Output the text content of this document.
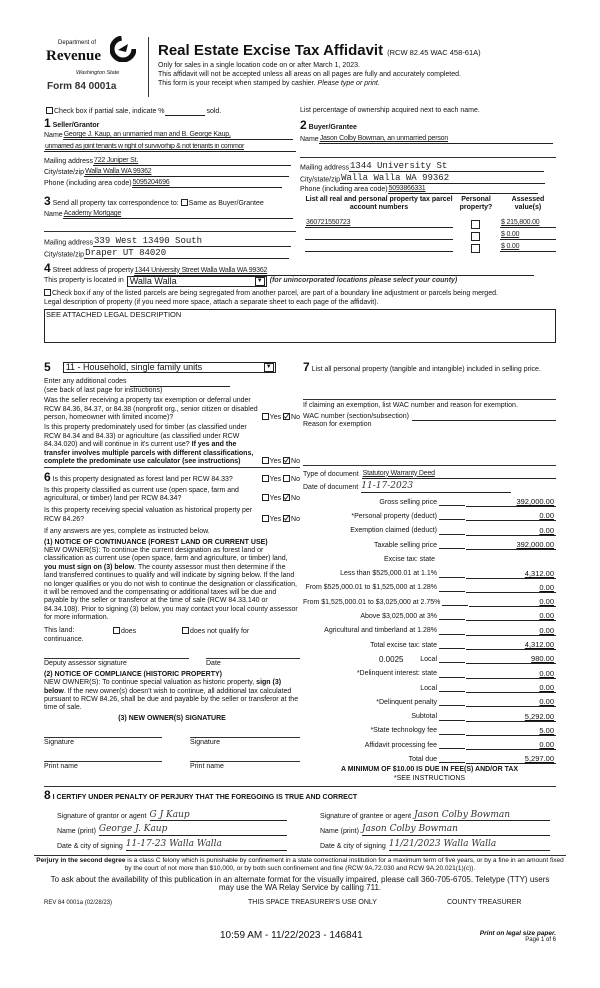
Department of
Revenue
Washington State
Form 84 0001a
Real Estate Excise Tax Affidavit (RCW 82.45 WAC 458-61A)
Only for sales in a single location code on or after March 1, 2023.
This affidavit will not be accepted unless all areas on all pages are fully and accurately completed.
This form is your receipt when stamped by cashier. Please type or print.
Check box if partial sale, indicate %	sold.	List percentage of ownership acquired next to each name.
1 Seller/Grantor
NameGeorge J. Kaup, an unmarried man and B. George Kaup,
unmarried as joint tenants w right of survivorhip & not tenants in commor
Mailing address722 Juniper St.
City/state/zipWalla Walla WA 99362
Phone (including area code)5095204696
2 Buyer/Grantee
NameJason Colby Bowman, an unmarried person
Mailing address1344 University St
City/state/zipWalla Walla WA 99362
Phone (including area code)5093866331
3 Send all property tax correspondence to: Same as Buyer/Grantee
NameAcademy Mortgage
Mailing address339 West 13490 South
City/state/zipDraper UT 84020
List all real and personal property tax parcel account numbers
Personal property?
Assessed value(s)
360721550723	$ 215,800.00
$ 0.00
$ 0.00
4 Street address of property1344 University Street Walla Walla WA 99362
This property is located in Walla Walla	▼ (for unincorporated locations please select your county)
Check box if any of the listed parcels are being segregated from another parcel, are part of a boundary line adjustment or parcels being merged.
Legal description of property (if you need more space, attach a separate sheet to each page of the affidavit).
SEE ATTACHED LEGAL DESCRIPTION
5 11 - Household, single family units	▼
Enter any additional codes
(see back of last page for instructions)
Was the seller receiving a property tax exemption or deferral under RCW 84.36, 84.37, or 84.38 (nonprofit org., senior citizen or disabled person, homeowner with limited income)?	Yes No
Is this property predominately used for timber (as classified under RCW 84.34 and 84.33) or agriculture (as classified under RCW 84.34.020) and will continue in it's current use? If yes and the transfer involves multiple parcels with different classifications, complete the predominate use calculator (see instructions)	Yes No
6 Is this property designated as forest land per RCW 84.33?	Yes No
Is this property classified as current use (open space, farm and agricultural, or timber) land per RCW 84.34?	Yes No
Is this property receiving special valuation as historical property per RCW 84.26?	Yes No
If any answers are yes, complete as instructed below.
(1) NOTICE OF CONTINUANCE (FOREST LAND OR CURRENT USE)
NEW OWNER(S): To continue the current designation as forest land or classification as current use (open space, farm and agriculture, or timber) land, you must sign on (3) below. The county assessor must then determine if the land transferred continues to qualify and will indicate by signing below. If the land no longer qualifies or you do not wish to continue the designation or classification, it will be removed and the compensating or additional taxes will be due and payable by the seller or transferor at the time of sale (RCW 84.33.140 or 84.34.108). Prior to signing (3) below, you may contact your local county assessor for more information.
This land:	does	does not qualify for
continuance.
Deputy assessor signature	Date
(2) NOTICE OF COMPLIANCE (HISTORIC PROPERTY)
NEW OWNER(S): To continue special valuation as historic property, sign (3) below. If the new owner(s) doesn't wish to continue, all additional tax calculated pursuant to RCW 84.26, shall be due and payable by the seller or transferor at the time of sale.
(3) NEW OWNER(S) SIGNATURE
Signature	Signature
Print name	Print name
7 List all personal property (tangible and intangible) included in selling price.
If claiming an exemption, list WAC number and reason for exemption.
WAC number (section/subsection)
Reason for exemption
Type of document Statutory Warranty Deed
Date of document 11-17-2023
Gross selling price	392,000.00
*Personal property (deduct)	0.00
Exemption claimed (deduct)	0.00
Taxable selling price	392,000.00
Excise tax: state
Less than $525,000.01 at 1.1%	4,312.00
From $525,000.01 to $1,525,000 at 1.28%	0.00
From $1,525,000.01 to $3,025,000 at 2.75%	0.00
Above $3,025,000 at 3%	0.00
Agricultural and timberland at 1.28%	0.00
Total excise tax: state	4,312.00
0.0025 Local	980.00
*Delinquent interest: state	0.00
Local	0.00
*Delinquent penalty	0.00
Subtotal	5,292.00
*State technology fee	5.00
Affidavit processing fee	0.00
Total due	5,297.00
A MINIMUM OF $10.00 IS DUE IN FEE(S) AND/OR TAX
*SEE INSTRUCTIONS
8 I CERTIFY UNDER PENALTY OF PERJURY THAT THE FOREGOING IS TRUE AND CORRECT
Signature of grantor or agent G J Kaup
Name (print) George J. Kaup
Date & city of signing 11-17-23 Walla Walla
Signature of grantee or agent Jason Colby Bowman
Name (print) Jason Colby Bowman
Date & city of signing 11/21/2023 Walla Walla
Perjury in the second degree is a class C felony which is punishable by confinement in a state correctional institution for a maximum term of five years, or by a fine in an amount fixed by the court of not more than $10,000, or by both such confinement and fine (RCW 9A.72.030 and RCW 9A.20.021(1)(c)).
To ask about the availability of this publication in an alternate format for the visually impaired, please call 360-705-6705. Teletype (TTY) users may use the WA Relay Service by calling 711.
REV 84 0001a (02/28/23)	THIS SPACE TREASURER'S USE ONLY	COUNTY TREASURER
10:59 AM - 11/22/2023 - 146841	Print on legal size paper.
Page 1 of 6
